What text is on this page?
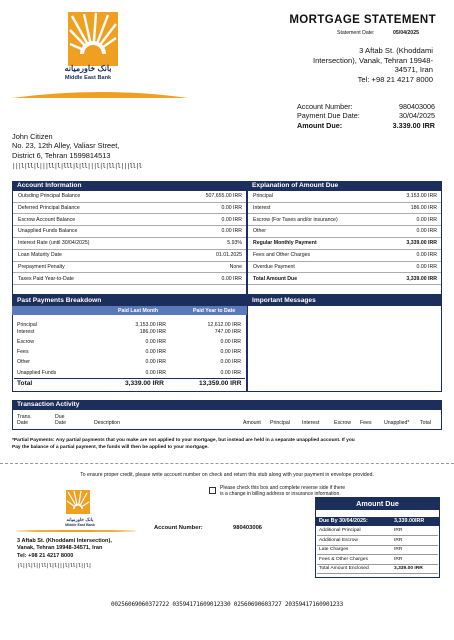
بانک خاورمیانه
Middle East Bank
MORTGAGE STATEMENT
Statement Date:	05/04/2025
3 Aftab St. (Khoddami
Intersection), Vanak, Tehran 19948-
34571, Iran
Tel: +98 21 4217 8000
Account Number:	980403006
Payment Due Date:	30/04/2025
Amount Due:	3.339.00 IRR
John Citizen
No. 23, 12th Alley, Valiasr Street,
District 6, Tehran 1599814513
|||l|ll|l|||ll|l|lll|l|ll|||l|l|ll|l|||ll|l
Account Information
Outsding Principal Balance	507,655.00 IRR
Deferred Principal Balance	0.00 IRR
Escrow Account Balance	0.00 IRR
Unapplied Funds Balance	0.00 IRR
Interest Rate (until 30/04/2025)	5.93%
Loan Maturity Date	01.01.2025
Prepayment Penalty	None
Taxes Paid Year-to-Date	0.00 IRR
Explanation of Amount Due
Principal	3,153.00 IRR
Interest	186.00 IRR
Escrow (For Taxes and/or insurance)	0.00 IRR
Other	0.00 IRR
Regular Monthly Payment	3,339.00 IRR
Fees and Other Charges	0.00 IRR
Overdue Payment	0.00 IRR
Total Amount Due	3,339.00 IRR
Past Payments Breakdown
Paid Last Month	Paid Year to Date
Principal	3,153.00 IRR	12,612.00 IRR
Interest	186.00 IRR	747.00 IRR
Escrow	0.00 IRR	0.00 IRR
Fees	0.00 IRR	0.00 IRR
Other	0.00 IRR	0.00 IRR
Unapplied Funds	0.00 IRR	0.00 IRR
Total	3,339.00 IRR	13,359.00 IRR
Important Messages
Transaction Activity
Trans.
Date
Due
Date	Description	Amount Principal Interest	Escrow Fees Unapplied* Total
*Partial Payments: Any partial payments that you make are not applied to your mortgage, but instead are held in a separate unapplied account. If you
Pay the balance of a partial payment, the funds will then be applied to your mortgage.
To ensure proper credit, please write account number on check and return this stub along with your payment in envelope provided.
بانک خاورمیانه
Middle East Bank
3 Aftab St. (Khoddami Intersection),
Vanak, Tehran 19948-34571, Iran
Tel: +98 21 4217 8000
|l||l|l||ll|l|l|||l|ll|l||l|
Please check this box and complete reverse side if there
is a change in billing address or insurance information.
Account Number:	980403006
Amount Due
Due By 30/04/2025:	3,339.00IRR
Additional Principal	IRR
Additional Escrow	IRR
Late Charges	IRR
Fees & Other Charges	IRR
Total Amount Enclosed	3,339.00 IRR
00256069060372722 03594171609012330 02560690603727 20359417160901233
